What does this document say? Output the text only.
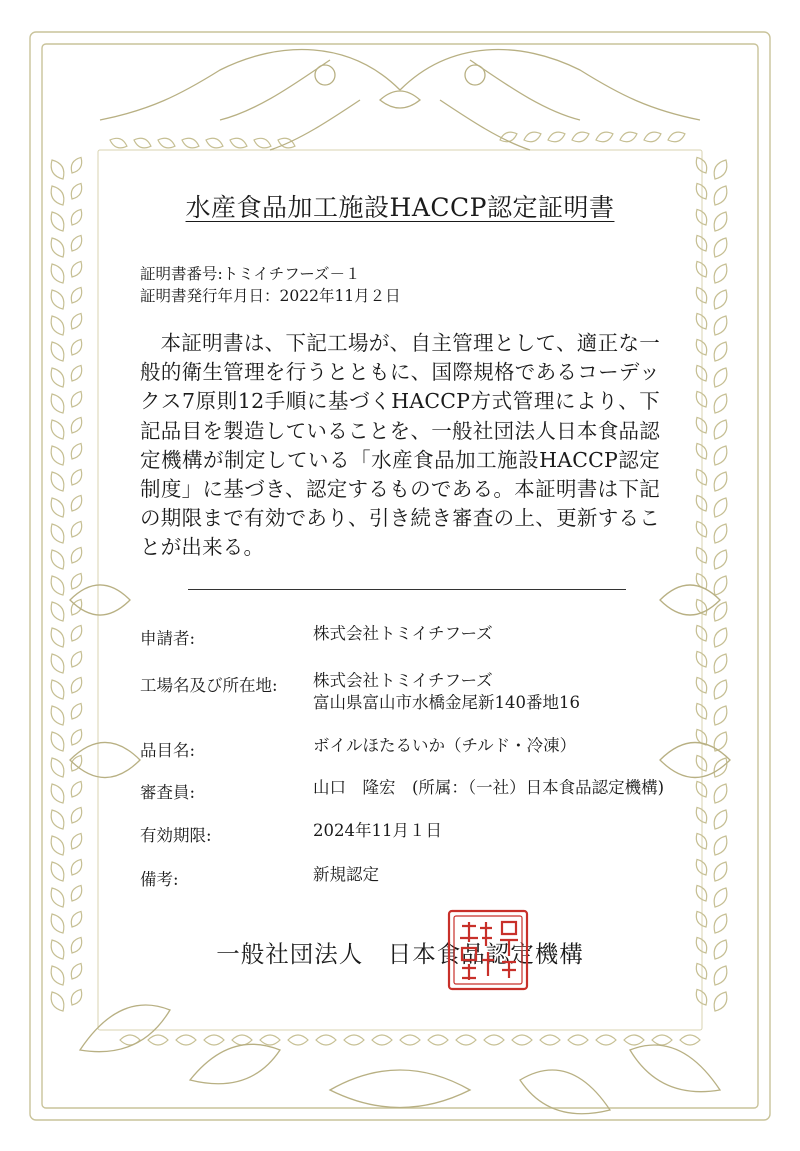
水産食品加工施設HACCP認定証明書
証明書番号:トミイチフーズ－１
証明書発行年月日：2022年11月２日

本証明書は、下記工場が、自主管理として、適正な一般的衛生管理を行うとともに、国際規格であるコーデックス7原則12手順に基づくHACCP方式管理により、下記品目を製造していることを、一般社団法人日本食品認定機構が制定している「水産食品加工施設HACCP認定制度」に基づき、認定するものである。本証明書は下記の期限まで有効であり、引き続き審査の上、更新することが出来る。

申請者:	株式会社トミイチフーズ
工場名及び所在地: 株式会社トミイチフーズ
富山県富山市水橋金尾新140番地16
品目名:	ボイルほたるいか（チルド・冷凍）
審査員:	山口　隆宏　(所属：（一社）日本食品認定機構)
有効期限:	2024年11月１日
備考:	新規認定
一般社団法人　日本食品認定機構
